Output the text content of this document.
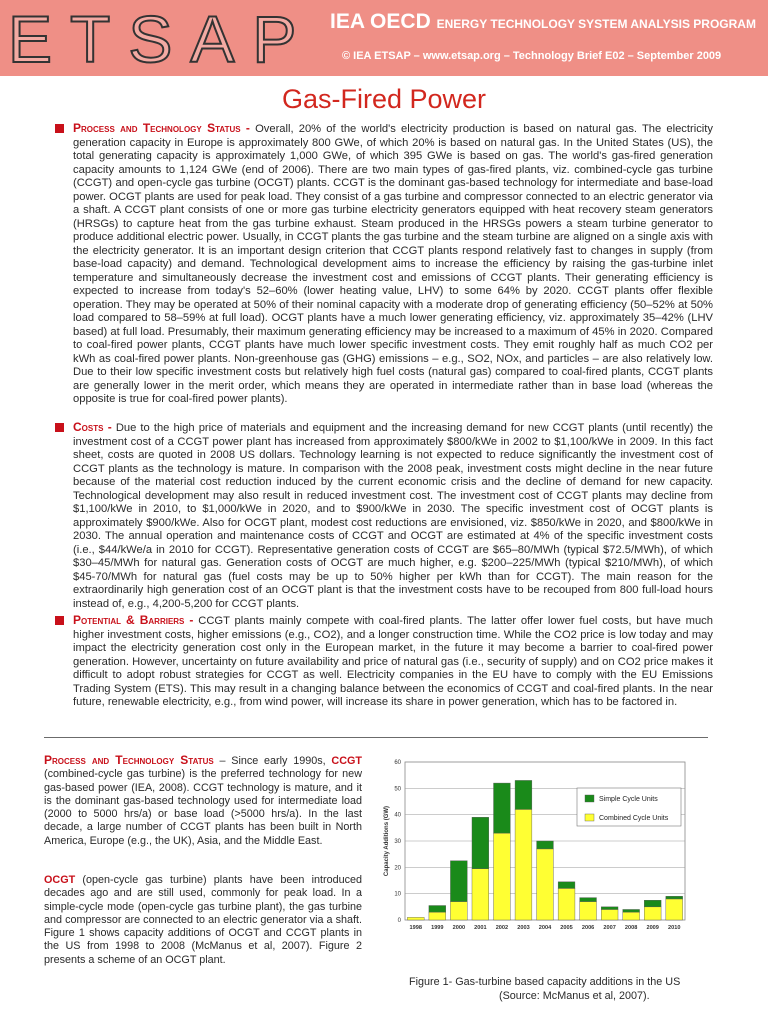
ETSAP IEA OECD ENERGY TECHNOLOGY SYSTEM ANALYSIS PROGRAM
© IEA ETSAP – www.etsap.org – Technology Brief E02 – September 2009
Gas-Fired Power
Process and Technology Status - Overall, 20% of the world's electricity production is based on natural gas. The electricity generation capacity in Europe is approximately 800 GWe, of which 20% is based on natural gas. In the United States (US), the total generating capacity is approximately 1,000 GWe, of which 395 GWe is based on gas. The world's gas-fired generation capacity amounts to 1,124 GWe (end of 2006). There are two main types of gas-fired plants, viz. combined-cycle gas turbine (CCGT) and open-cycle gas turbine (OCGT) plants. CCGT is the dominant gas-based technology for intermediate and base-load power. OCGT plants are used for peak load. They consist of a gas turbine and compressor connected to an electric generator via a shaft. A CCGT plant consists of one or more gas turbine electricity generators equipped with heat recovery steam generators (HRSGs) to capture heat from the gas turbine exhaust. Steam produced in the HRSGs powers a steam turbine generator to produce additional electric power. Usually, in CCGT plants the gas turbine and the steam turbine are aligned on a single axis with the electricity generator. It is an important design criterion that CCGT plants respond relatively fast to changes in supply (from base-load capacity) and demand. Technological development aims to increase the efficiency by raising the gas-turbine inlet temperature and simultaneously decrease the investment cost and emissions of CCGT plants. Their generating efficiency is expected to increase from today's 52–60% (lower heating value, LHV) to some 64% by 2020. CCGT plants offer flexible operation. They may be operated at 50% of their nominal capacity with a moderate drop of generating efficiency (50–52% at 50% load compared to 58–59% at full load). OCGT plants have a much lower generating efficiency, viz. approximately 35–42% (LHV based) at full load. Presumably, their maximum generating efficiency may be increased to a maximum of 45% in 2020. Compared to coal-fired power plants, CCGT plants have much lower specific investment costs. They emit roughly half as much CO2 per kWh as coal-fired power plants. Non-greenhouse gas (GHG) emissions – e.g., SO2, NOx, and particles – are also relatively low. Due to their low specific investment costs but relatively high fuel costs (natural gas) compared to coal-fired plants, CCGT plants are generally lower in the merit order, which means they are operated in intermediate rather than in base load (whereas the opposite is true for coal-fired power plants).
Costs - Due to the high price of materials and equipment and the increasing demand for new CCGT plants (until recently) the investment cost of a CCGT power plant has increased from approximately $800/kWe in 2002 to $1,100/kWe in 2009. In this fact sheet, costs are quoted in 2008 US dollars. Technology learning is not expected to reduce significantly the investment cost of CCGT plants as the technology is mature. In comparison with the 2008 peak, investment costs might decline in the near future because of the material cost reduction induced by the current economic crisis and the decline of demand for new capacity. Technological development may also result in reduced investment cost. The investment cost of CCGT plants may decline from $1,100/kWe in 2010, to $1,000/kWe in 2020, and to $900/kWe in 2030. The specific investment cost of OCGT plants is approximately $900/kWe. Also for OCGT plant, modest cost reductions are envisioned, viz. $850/kWe in 2020, and $800/kWe in 2030. The annual operation and maintenance costs of CCGT and OCGT are estimated at 4% of the specific investment costs (i.e., $44/kWe/a in 2010 for CCGT). Representative generation costs of CCGT are $65–80/MWh (typical $72.5/MWh), of which $30–45/MWh for natural gas. Generation costs of OCGT are much higher, e.g. $200–225/MWh (typical $210/MWh), of which $45-70/MWh for natural gas (fuel costs may be up to 50% higher per kWh than for CCGT). The main reason for the extraordinarily high generation cost of an OCGT plant is that the investment costs have to be recouped from 800 full-load hours instead of, e.g., 4,200-5,200 for CCGT plants.
Potential & Barriers - CCGT plants mainly compete with coal-fired plants. The latter offer lower fuel costs, but have much higher investment costs, higher emissions (e.g., CO2), and a longer construction time. While the CO2 price is low today and may impact the electricity generation cost only in the European market, in the future it may become a barrier to coal-fired power generation. However, uncertainty on future availability and price of natural gas (i.e., security of supply) and on CO2 price makes it difficult to adopt robust strategies for CCGT as well. Electricity companies in the EU have to comply with the EU Emissions Trading System (ETS). This may result in a changing balance between the economics of CCGT and coal-fired plants. In the near future, renewable electricity, e.g., from wind power, will increase its share in power generation, which has to be factored in.
Process and Technology Status – Since early 1990s, CCGT (combined-cycle gas turbine) is the preferred technology for new gas-based power (IEA, 2008). CCGT technology is mature, and it is the dominant gas-based technology used for intermediate load (2000 to 5000 hrs/a) or base load (>5000 hrs/a). In the last decade, a large number of CCGT plants has been built in North America, Europe (e.g., the UK), Asia, and the Middle East.
OCGT (open-cycle gas turbine) plants have been introduced decades ago and are still used, commonly for peak load. In a simple-cycle mode (open-cycle gas turbine plant), the gas turbine and compressor are connected to an electric generator via a shaft. Figure 1 shows capacity additions of OCGT and CCGT plants in the US from 1998 to 2008 (McManus et al, 2007). Figure 2 presents a scheme of an OCGT plant.
0
10
20
30
40
50
60
1998 1999 2000 2001 2002 2003 2004 2005 2006 2007 2008 2009 2010
Capacity Additions (GW)
Simple Cycle Units
Combined Cycle Units
Figure 1- Gas-turbine based capacity additions in the US
(Source: McManus et al, 2007).
